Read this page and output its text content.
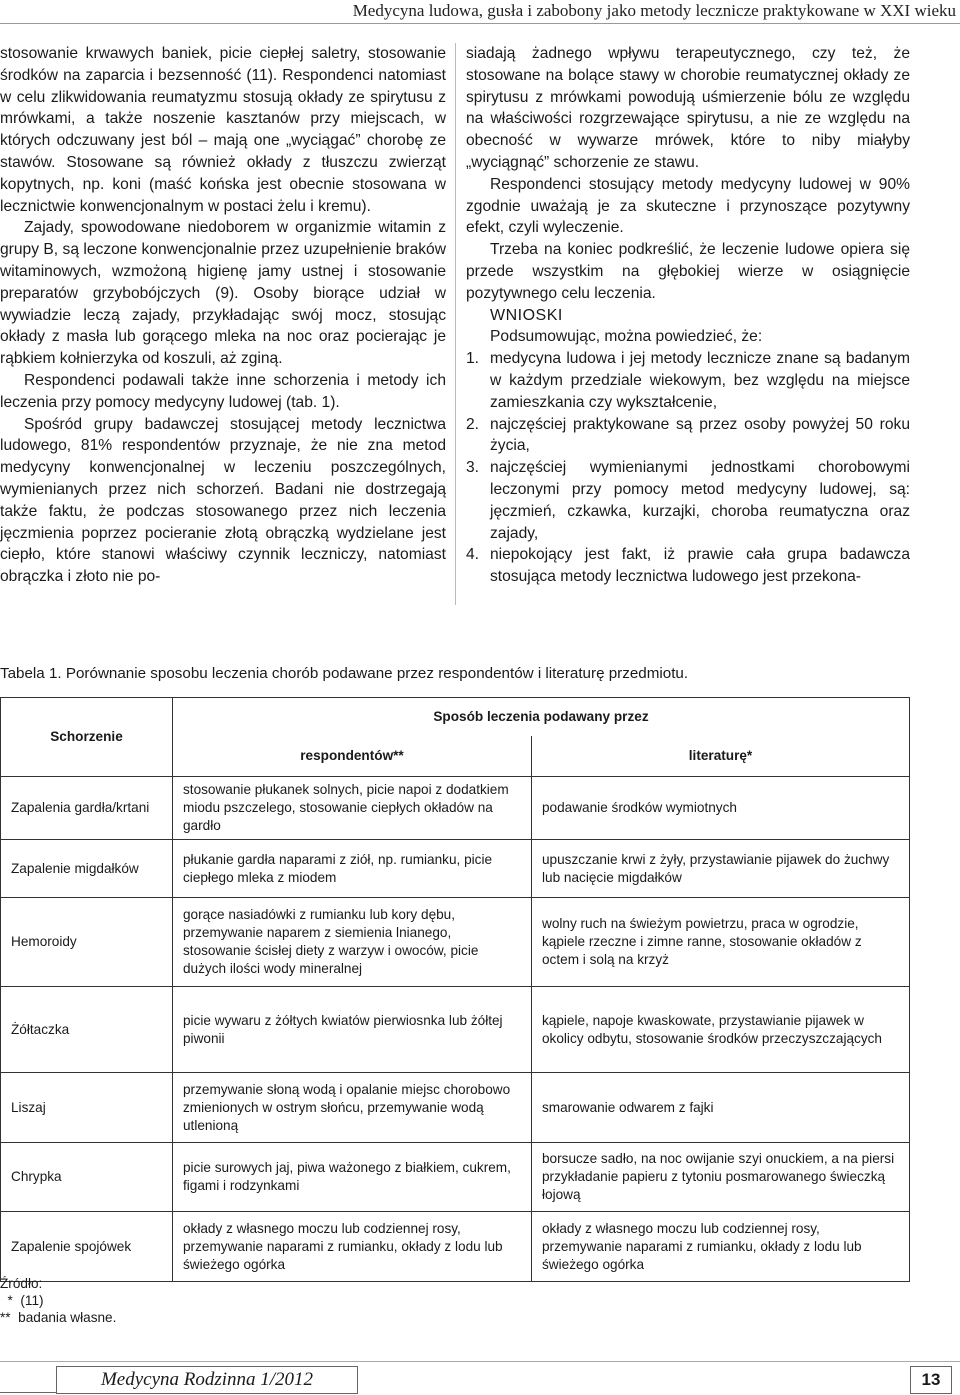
Medycyna ludowa, gusła i zabobony jako metody lecznicze praktykowane w XXI wieku

stosowanie krwawych baniek, picie ciepłej saletry, stosowanie środków na zaparcia i bezsenność (11). Respondenci natomiast w celu zlikwidowania reumatyzmu stosują okłady ze spirytusu z mrówkami, a także noszenie kasztanów przy miejscach, w których odczuwany jest ból – mają one „wyciągać” chorobę ze stawów. Stosowane są również okłady z tłuszczu zwierząt kopytnych, np. koni (maść końska jest obecnie stosowana w lecznictwie konwencjonalnym w postaci żelu i kremu).

Zajady, spowodowane niedoborem w organizmie witamin z grupy B, są leczone konwencjonalnie przez uzupełnienie braków witaminowych, wzmożoną higienę jamy ustnej i stosowanie preparatów grzybobójczych (9). Osoby biorące udział w wywiadzie leczą zajady, przykładając swój mocz, stosując okłady z masła lub gorącego mleka na noc oraz pocierając je rąbkiem kołnierzyka od koszuli, aż zginą.

Respondenci podawali także inne schorzenia i metody ich leczenia przy pomocy medycyny ludowej (tab. 1).

Spośród grupy badawczej stosującej metody lecznictwa ludowego, 81% respondentów przyznaje, że nie zna metod medycyny konwencjonalnej w leczeniu poszczególnych, wymienianych przez nich schorzeń. Badani nie dostrzegają także faktu, że podczas stosowanego przez nich leczenia jęczmienia poprzez pocieranie złotą obrączką wydzielane jest ciepło, które stanowi właściwy czynnik leczniczy, natomiast obrączka i złoto nie po-

siadają żadnego wpływu terapeutycznego, czy też, że stosowane na bolące stawy w chorobie reumatycznej okłady ze spirytusu z mrówkami powodują uśmierzenie bólu ze względu na właściwości rozgrzewające spirytusu, a nie ze względu na obecność w wywarze mrówek, które to niby miałyby „wyciągnąć” schorzenie ze stawu.

Respondenci stosujący metody medycyny ludowej w 90% zgodnie uważają je za skuteczne i przynoszące pozytywny efekt, czyli wyleczenie.

Trzeba na koniec podkreślić, że leczenie ludowe opiera się przede wszystkim na głębokiej wierze w osiągnięcie pozytywnego celu leczenia.

WNIOSKI

Podsumowując, można powiedzieć, że:

1. medycyna ludowa i jej metody lecznicze znane są badanym w każdym przedziale wiekowym, bez względu na miejsce zamieszkania czy wykształcenie,
2. najczęściej praktykowane są przez osoby powyżej 50 roku życia,
3. najczęściej wymienianymi jednostkami chorobowymi leczonymi przy pomocy metod medycyny ludowej, są: jęczmień, czkawka, kurzajki, choroba reumatyczna oraz zajady,
4. niepokojący jest fakt, iż prawie cała grupa badawcza stosująca metody lecznictwa ludowego jest przekona-
Tabela 1. Porównanie sposobu leczenia chorób podawane przez respondentów i literaturę przedmiotu.
Schorzenie	Sposób leczenia podawany przez	
	respondentów**	literaturę*
Zapalenia gardła/krtani	stosowanie płukanek solnych, picie napoi z dodatkiem miodu pszczelego, stosowanie ciepłych okładów na gardło	podawanie środków wymiotnych
Zapalenie migdałków	płukanie gardła naparami z ziół, np. rumianku, picie ciepłego mleka z miodem	upuszczanie krwi z żyły, przystawianie pijawek do żuchwy lub nacięcie migdałków
Hemoroidy	gorące nasiadówki z rumianku lub kory dębu, przemywanie naparem z siemienia lnianego, stosowanie ścisłej diety z warzyw i owoców, picie dużych ilości wody mineralnej	wolny ruch na świeżym powietrzu, praca w ogrodzie, kąpiele rzeczne i zimne ranne, stosowanie okładów z octem i solą na krzyż
Żółtaczka	picie wywaru z żółtych kwiatów pierwiosnka lub żółtej piwonii	kąpiele, napoje kwaskowate, przystawianie pijawek w okolicy odbytu, stosowanie środków przeczyszczających
Liszaj	przemywanie słoną wodą i opalanie miejsc chorobowo zmienionych w ostrym słońcu, przemywanie wodą utlenioną	smarowanie odwarem z fajki
Chrypka	picie surowych jaj, piwa ważonego z białkiem, cukrem, figami i rodzynkami	borsucze sadło, na noc owijanie szyi onuckiem, a na piersi przykładanie papieru z tytoniu posmarowanego świeczką łojową
Zapalenie spojówek	okłady z własnego moczu lub codziennej rosy, przemywanie naparami z rumianku, okłady z lodu lub świeżego ogórka	okłady z własnego moczu lub codziennej rosy, przemywanie naparami z rumianku, okłady z lodu lub świeżego ogórka
Źródło:
*  (11)
**  badania własne.
Medycyna Rodzinna 1/2012	13
